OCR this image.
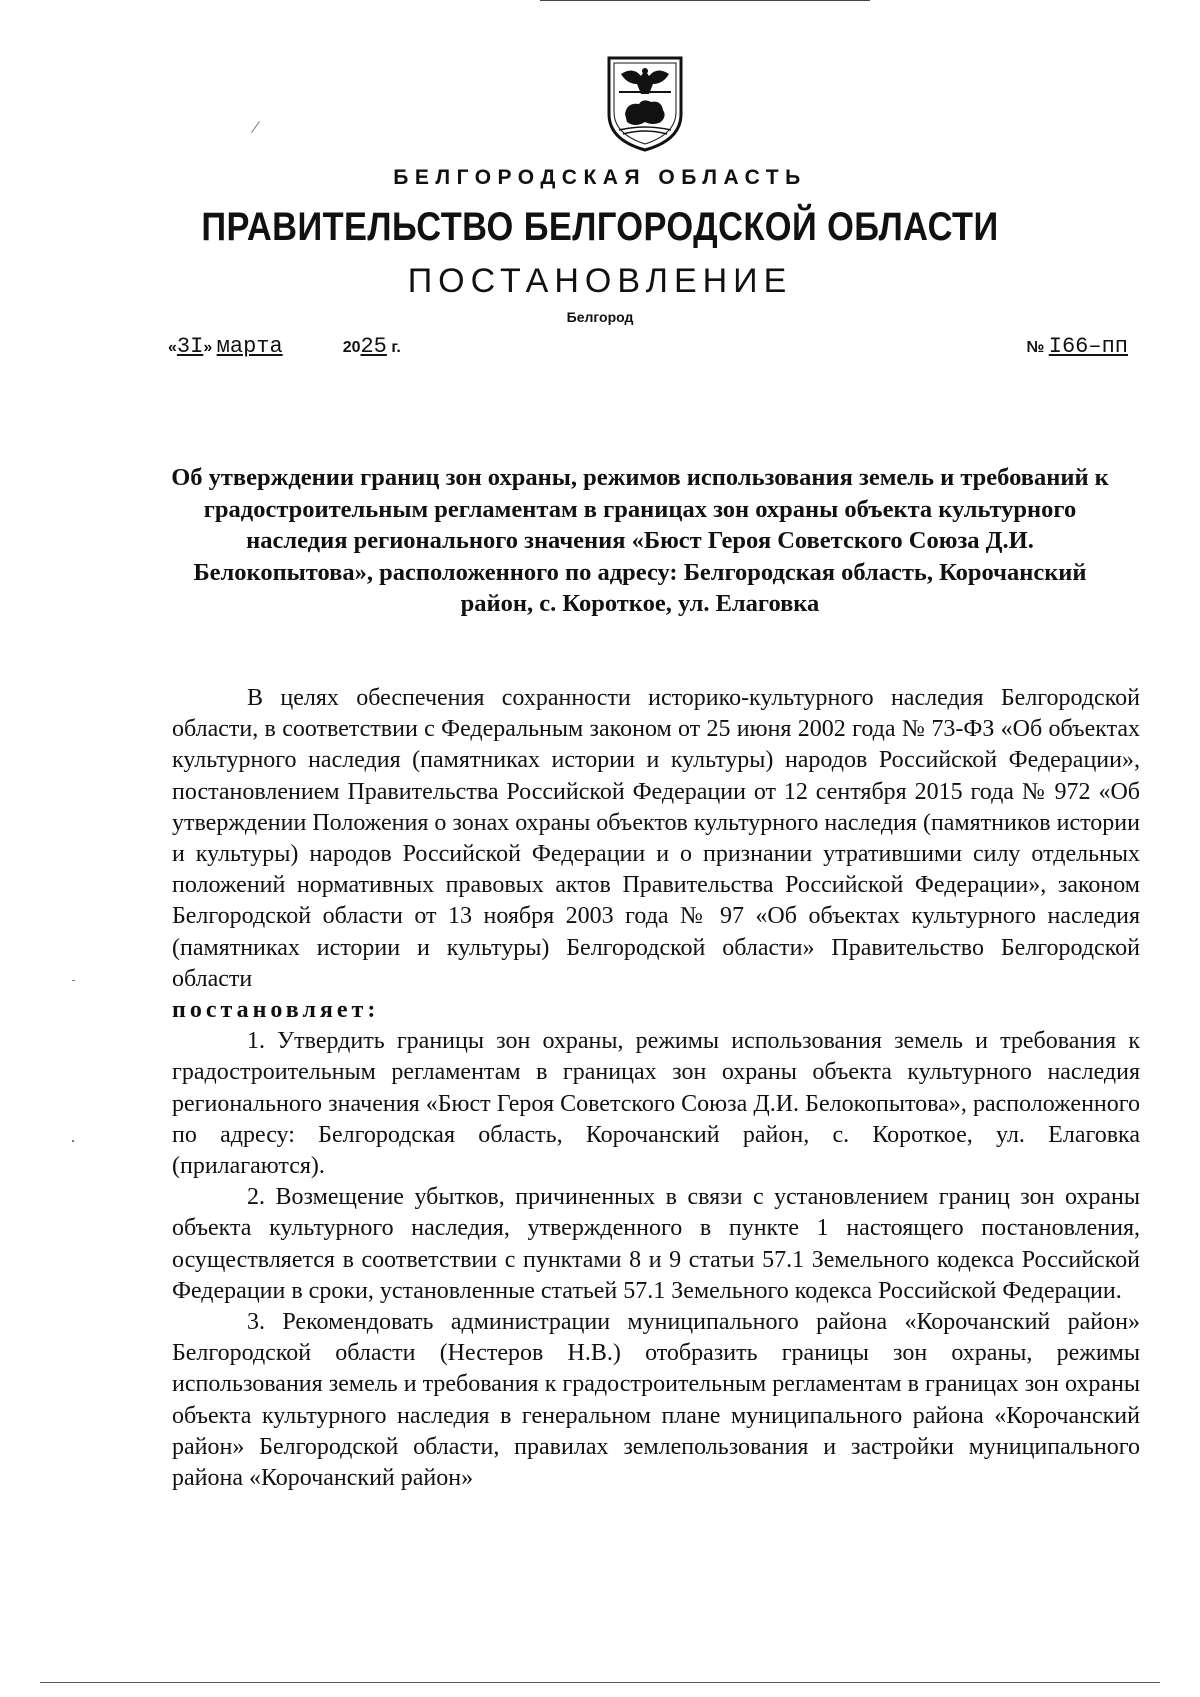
БЕЛГОРОДСКАЯ ОБЛАСТЬ
ПРАВИТЕЛЬСТВО БЕЛГОРОДСКОЙ ОБЛАСТИ
ПОСТАНОВЛЕНИЕ
Белгород
«3I» марта	2025 г.	№ I66–пп
Об утверждении границ зон охраны, режимов использования земель и требований к градостроительным регламентам в границах зон охраны объекта культурного наследия регионального значения «Бюст Героя Советского Союза Д.И. Белокопытова», расположенного по адресу: Белгородская область, Корочанский район, с. Короткое, ул. Елаговка

В целях обеспечения сохранности историко-культурного наследия Белгородской области, в соответствии с Федеральным законом от 25 июня 2002 года № 73-ФЗ «Об объектах культурного наследия (памятниках истории и культуры) народов Российской Федерации», постановлением Правительства Российской Федерации от 12 сентября 2015 года № 972 «Об утверждении Положения о зонах охраны объектов культурного наследия (памятников истории и культуры) народов Российской Федерации и о признании утратившими силу отдельных положений нормативных правовых актов Правительства Российской Федерации», законом Белгородской области от 13 ноября 2003 года № 97 «Об объектах культурного наследия (памятниках истории и культуры) Белгородской области» Правительство Белгородской области

постановляет:

1. Утвердить границы зон охраны, режимы использования земель и требования к градостроительным регламентам в границах зон охраны объекта культурного наследия регионального значения «Бюст Героя Советского Союза Д.И. Белокопытова», расположенного по адресу: Белгородская область, Корочанский район, с. Короткое, ул. Елаговка (прилагаются).

2. Возмещение убытков, причиненных в связи с установлением границ зон охраны объекта культурного наследия, утвержденного в пункте 1 настоящего постановления, осуществляется в соответствии с пунктами 8 и 9 статьи 57.1 Земельного кодекса Российской Федерации в сроки, установленные статьей 57.1 Земельного кодекса Российской Федерации.

3. Рекомендовать администрации муниципального района «Корочанский район» Белгородской области (Нестеров Н.В.) отобразить границы зон охраны, режимы использования земель и требования к градостроительным регламентам в границах зон охраны объекта культурного наследия в генеральном плане муниципального района «Корочанский район» Белгородской области, правилах землепользования и застройки муниципального района «Корочанский район»
